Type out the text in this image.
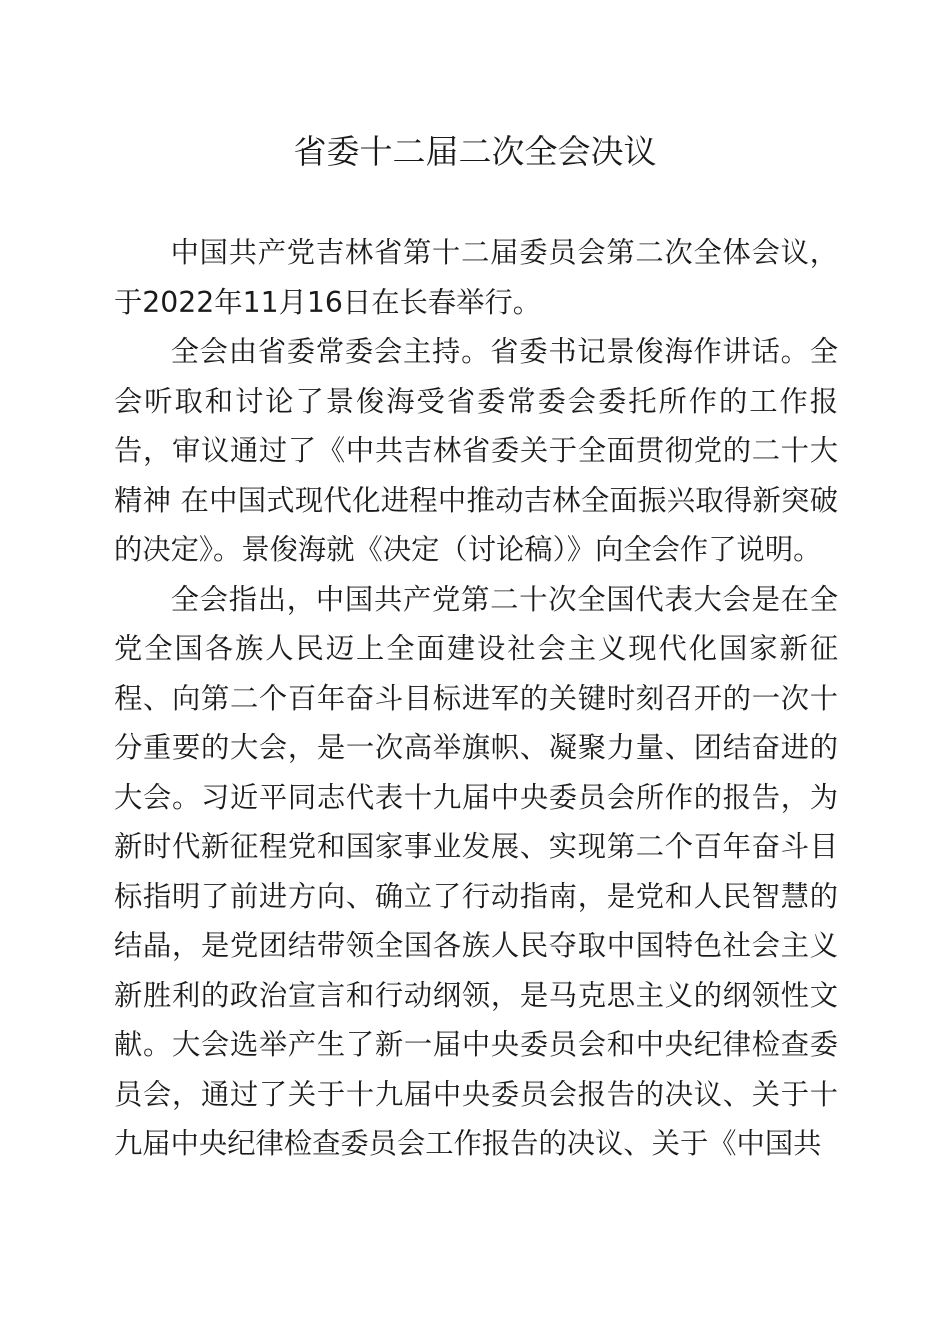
省委十二届二次全会决议

中国共产党吉林省第十二届委员会第二次全体会议，于2022年11月16日在长春举行。

全会由省委常委会主持。省委书记景俊海作讲话。全会听取和讨论了景俊海受省委常委会委托所作的工作报告，审议通过了《中共吉林省委关于全面贯彻党的二十大精神 在中国式现代化进程中推动吉林全面振兴取得新突破的决定》。景俊海就《决定（讨论稿）》向全会作了说明。

全会指出，中国共产党第二十次全国代表大会是在全党全国各族人民迈上全面建设社会主义现代化国家新征程、向第二个百年奋斗目标进军的关键时刻召开的一次十分重要的大会，是一次高举旗帜、凝聚力量、团结奋进的大会。习近平同志代表十九届中央委员会所作的报告，为新时代新征程党和国家事业发展、实现第二个百年奋斗目标指明了前进方向、确立了行动指南，是党和人民智慧的结晶，是党团结带领全国各族人民夺取中国特色社会主义新胜利的政治宣言和行动纲领，是马克思主义的纲领性文献。大会选举产生了新一届中央委员会和中央纪律检查委员会，通过了关于十九届中央委员会报告的决议、关于十九届中央纪律检查委员会工作报告的决议、关于《中国共
